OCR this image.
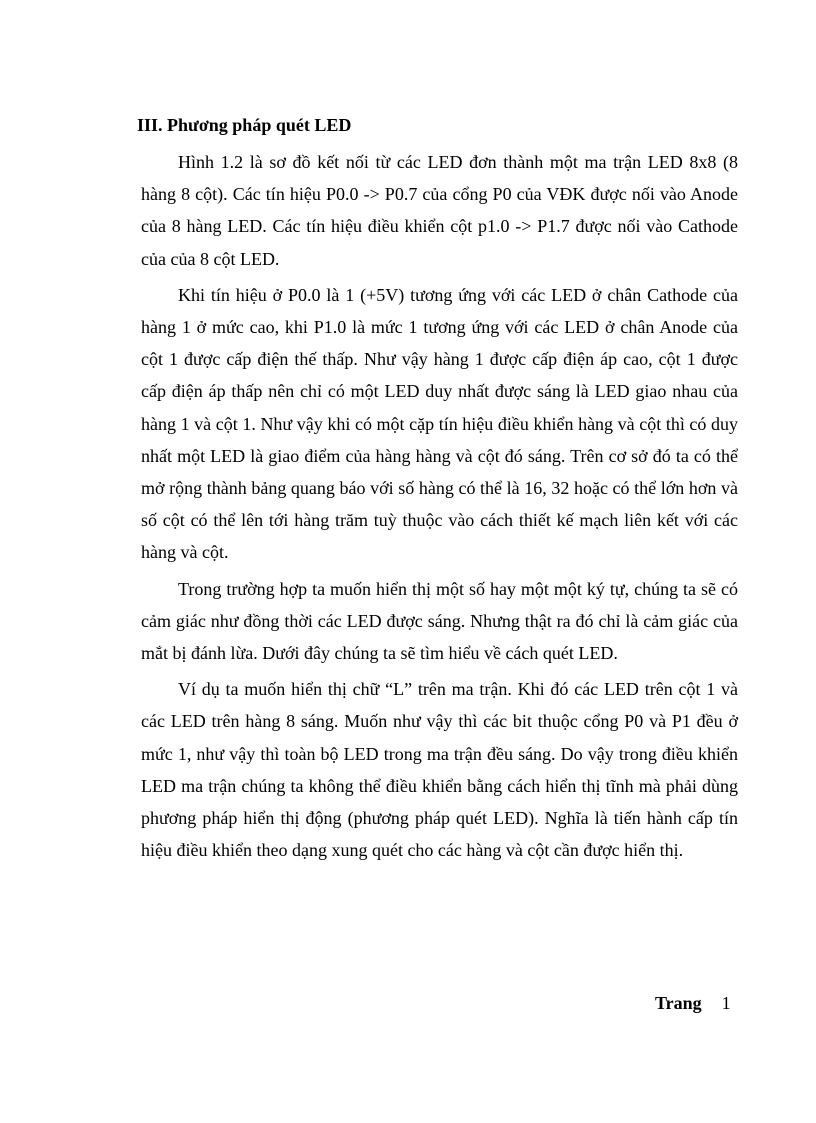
III. Phương pháp quét LED

Hình 1.2 là sơ đồ kết nối từ các LED đơn thành một ma trận LED 8x8 (8 hàng 8 cột). Các tín hiệu P0.0 -> P0.7 của cổng P0 của VĐK được nối vào Anode của 8 hàng LED. Các tín hiệu điều khiển cột p1.0 -> P1.7 được nối vào Cathode của của 8 cột LED.

Khi tín hiệu ở P0.0 là 1 (+5V) tương ứng với các LED ở chân Cathode của hàng 1 ở mức cao, khi P1.0 là mức 1 tương ứng với các LED ở chân Anode của cột 1 được cấp điện thế thấp. Như vậy hàng 1 được cấp điện áp cao, cột 1 được cấp điện áp thấp nên chỉ có một LED duy nhất được sáng là LED giao nhau của hàng 1 và cột 1. Như vậy khi có một cặp tín hiệu điều khiển hàng và cột thì có duy nhất một LED là giao điểm của hàng hàng và cột đó sáng. Trên cơ sở đó ta có thể mở rộng thành bảng quang báo với số hàng có thể là 16, 32 hoặc có thể lớn hơn và số cột có thể lên tới hàng trăm tuỳ thuộc vào cách thiết kế mạch liên kết với các hàng và cột.

Trong trường hợp ta muốn hiển thị một số hay một một ký tự, chúng ta sẽ có cảm giác như đồng thời các LED được sáng. Nhưng thật ra đó chỉ là cảm giác của mắt bị đánh lừa. Dưới đây chúng ta sẽ tìm hiểu về cách quét LED.

Ví dụ ta muốn hiển thị chữ “L” trên ma trận. Khi đó các LED trên cột 1 và các LED trên hàng 8 sáng. Muốn như vậy thì các bit thuộc cổng P0 và P1 đều ở mức 1, như vậy thì toàn bộ LED trong ma trận đều sáng. Do vậy trong điều khiển LED ma trận chúng ta không thể điều khiển bằng cách hiển thị tĩnh mà phải dùng phương pháp hiển thị động (phương pháp quét LED). Nghĩa là tiến hành cấp tín hiệu điều khiển theo dạng xung quét cho các hàng và cột cần được hiển thị.

Trang 1
